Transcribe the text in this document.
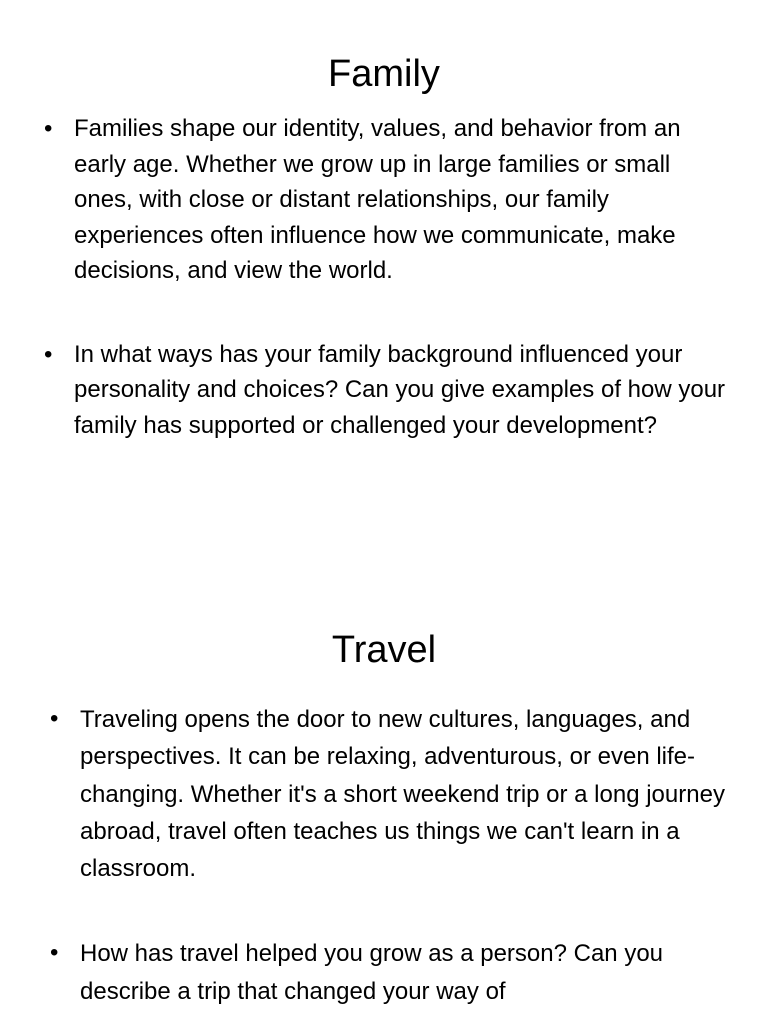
Family
• Families shape our identity, values, and behavior from an early age. Whether we grow up in large families or small ones, with close or distant relationships, our family experiences often influence how we communicate, make decisions, and view the world.
• In what ways has your family background influenced your personality and choices? Can you give examples of how your family has supported or challenged your development?
Travel
• Traveling opens the door to new cultures, languages, and perspectives. It can be relaxing, adventurous, or even life-changing. Whether it's a short weekend trip or a long journey abroad, travel often teaches us things we can't learn in a classroom.
• How has travel helped you grow as a person? Can you describe a trip that changed your way of
